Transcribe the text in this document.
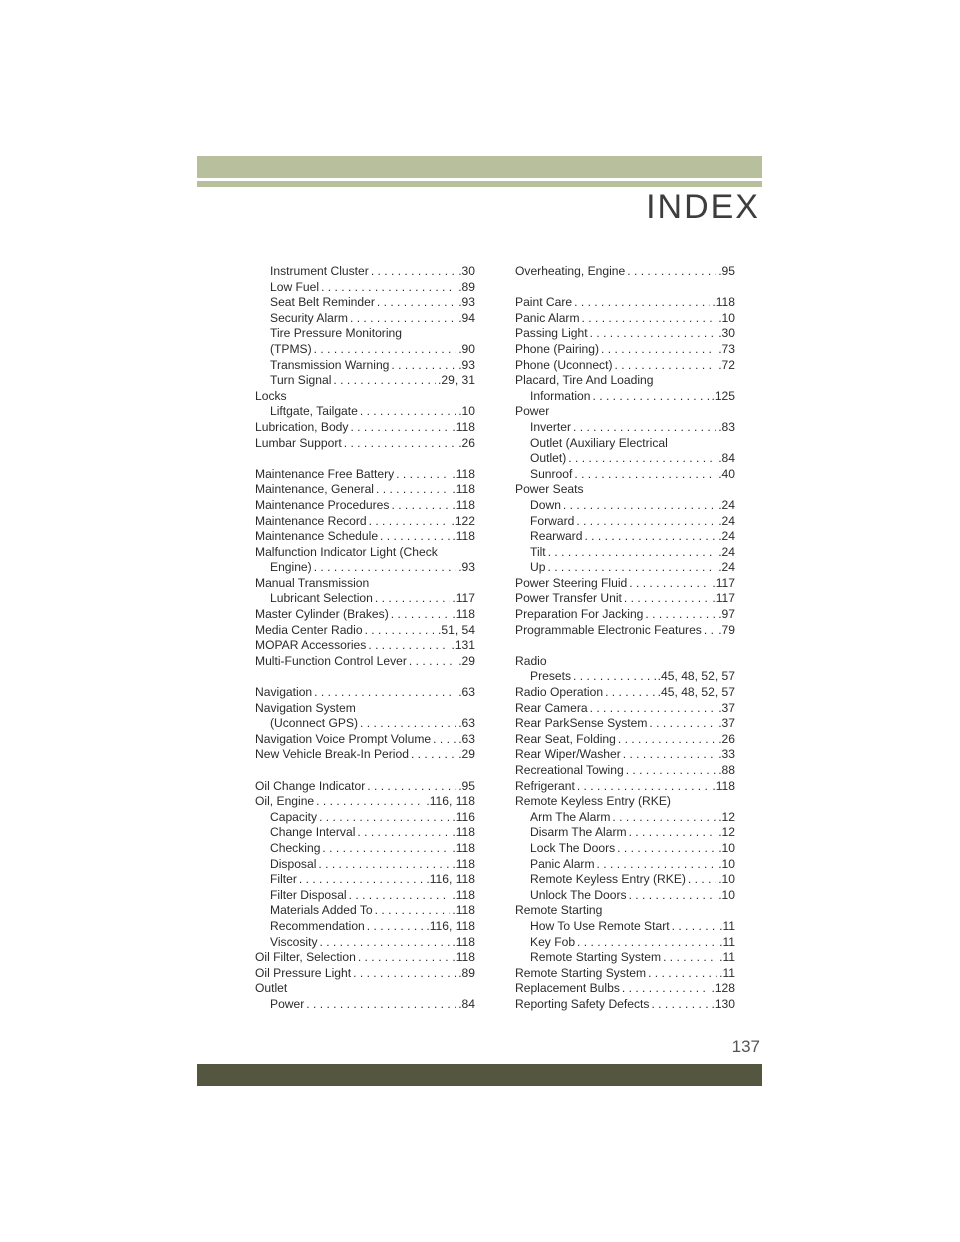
INDEX
Instrument Cluster . . .	.30
Low Fuel . . .	.89
Seat Belt Reminder . . .	.93
Security Alarm . . .	.94
Tire Pressure Monitoring
(TPMS) . . .	.90
Transmission Warning . . .	.93
Turn Signal . . .	.29, 31
Locks
Liftgate, Tailgate . . .	.10
Lubrication, Body . . .	.118
Lumbar Support . . .	.26
Maintenance Free Battery . . .	.118
Maintenance, General . . .	.118
Maintenance Procedures . . .	.118
Maintenance Record . . .	.122
Maintenance Schedule . . .	.118
Malfunction Indicator Light (Check
Engine) . . .	.93
Manual Transmission
Lubricant Selection . . .	.117
Master Cylinder (Brakes) . . .	.118
Media Center Radio . . .	.51, 54
MOPAR Accessories . . .	.131
Multi-Function Control Lever . . .	.29
Navigation . . .	.63
Navigation System
(Uconnect GPS) . . .	.63
Navigation Voice Prompt Volume . . . .63
New Vehicle Break-In Period . . .	.29
Oil Change Indicator . . .	.95
Oil, Engine . . .	.116, 118
Capacity . . .	.116
Change Interval . . .	.118
Checking . . .	.118
Disposal . . .	.118
Filter . . .	.116, 118
Filter Disposal . . .	.118
Materials Added To . . .	.118
Recommendation . . .	.116, 118
Viscosity . . .	.118
Oil Filter, Selection . . .	.118
Oil Pressure Light . . .	.89
Outlet
Power . . .	.84
Overheating, Engine . . .	.95
Paint Care . . .	.118
Panic Alarm . . .	.10
Passing Light . . .	.30
Phone (Pairing) . . .	.73
Phone (Uconnect) . . .	.72
Placard, Tire And Loading
Information . . .	.125
Power
Inverter . . .	.83
Outlet (Auxiliary Electrical
Outlet) . . .	.84
Sunroof . . .	.40
Power Seats
Down . . .	.24
Forward . . .	.24
Rearward . . .	.24
Tilt . . .	.24
Up . . .	.24
Power Steering Fluid . . .	.117
Power Transfer Unit . . .	.117
Preparation For Jacking . . .	.97
Programmable Electronic Features . . . .79
Radio
Presets . . .	.45, 48, 52, 57
Radio Operation . . .	.45, 48, 52, 57
Rear Camera . . .	.37
Rear ParkSense System . . .	.37
Rear Seat, Folding . . .	.26
Rear Wiper/Washer . . .	.33
Recreational Towing . . .	.88
Refrigerant . . .	.118
Remote Keyless Entry (RKE)
Arm The Alarm . . .	.12
Disarm The Alarm . . .	.12
Lock The Doors . . .	.10
Panic Alarm . . .	.10
Remote Keyless Entry (RKE) . . .	.10
Unlock The Doors . . .	.10
Remote Starting
How To Use Remote Start . . .	.11
Key Fob . . .	.11
Remote Starting System . . .	.11
Remote Starting System . . .	.11
Replacement Bulbs . . .	.128
Reporting Safety Defects . . .	.130
137
